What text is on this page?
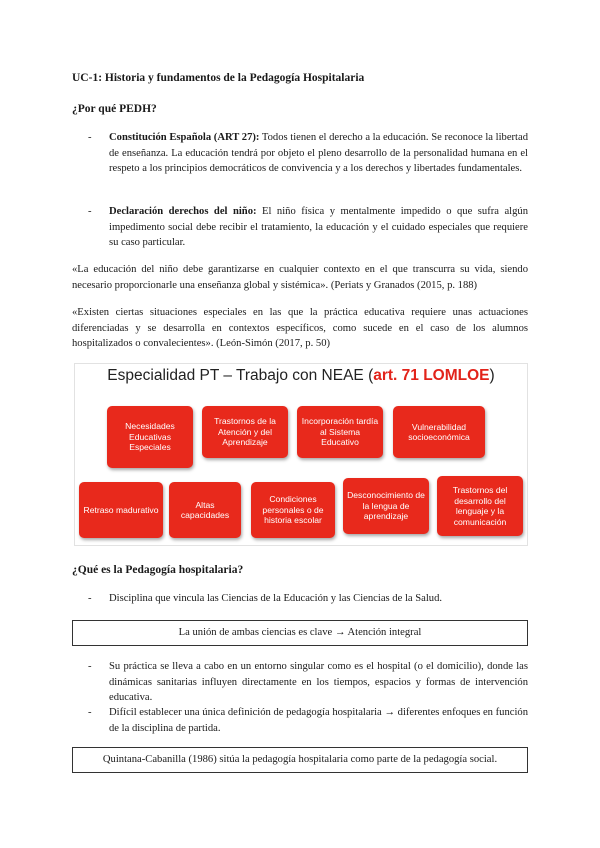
UC-1: Historia y fundamentos de la Pedagogía Hospitalaria
¿Por qué PEDH?
- Constitución Española (ART 27): Todos tienen el derecho a la educación. Se reconoce la libertad de enseñanza. La educación tendrá por objeto el pleno desarrollo de la personalidad humana en el respeto a los principios democráticos de convivencia y a los derechos y libertades fundamentales.
- Declaración derechos del niño: El niño física y mentalmente impedido o que sufra algún impedimento social debe recibir el tratamiento, la educación y el cuidado especiales que requiere su caso particular.
«La educación del niño debe garantizarse en cualquier contexto en el que transcurra su vida, siendo necesario proporcionarle una enseñanza global y sistémica». (Periats y Granados (2015, p. 188)
«Existen ciertas situaciones especiales en las que la práctica educativa requiere unas actuaciones diferenciadas y se desarrolla en contextos específicos, como sucede en el caso de los alumnos hospitalizados o convalecientes». (León-Simón (2017, p. 50)
Especialidad PT – Trabajo con NEAE (art. 71 LOMLOE)
Necesidades Educativas Especiales
Trastornos de la Atención y del Aprendizaje
Incorporación tardía al Sistema Educativo
Vulnerabilidad socioeconómica
Retraso madurativo
Altas capacidades
Condiciones personales o de historia escolar
Desconocimiento de la lengua de aprendizaje
Trastornos del desarrollo del lenguaje y la comunicación
¿Qué es la Pedagogía hospitalaria?
- Disciplina que vincula las Ciencias de la Educación y las Ciencias de la Salud.
La unión de ambas ciencias es clave → Atención integral
- Su práctica se lleva a cabo en un entorno singular como es el hospital (o el domicilio), donde las dinámicas sanitarias influyen directamente en los tiempos, espacios y formas de intervención educativa.
- Difícil establecer una única definición de pedagogía hospitalaria → diferentes enfoques en función de la disciplina de partida.
Quintana-Cabanilla (1986) sitúa la pedagogía hospitalaria como parte de la pedagogía social.
